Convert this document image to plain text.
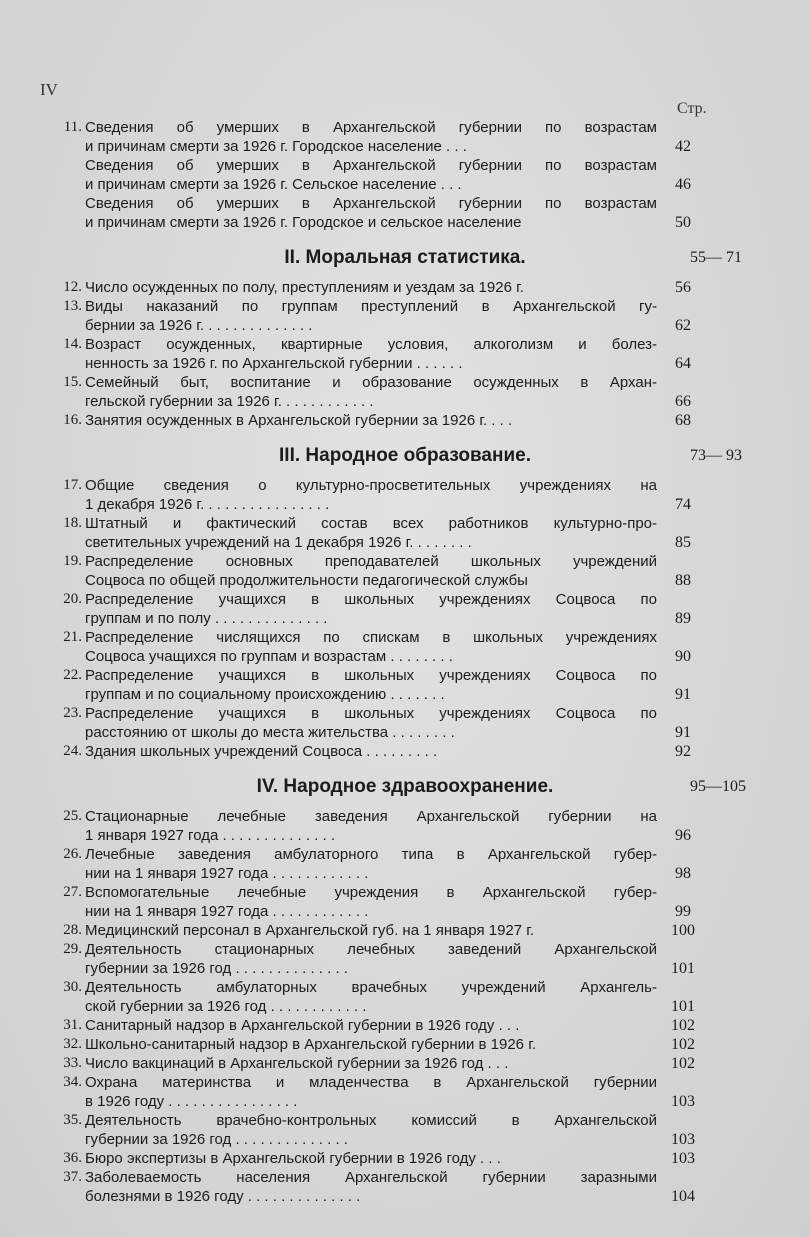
IV
Стр.
11. Сведения об умерших в Архангельской губернии по возрастам
и причинам смерти за 1926 г. Городское население . . .	42
Сведения об умерших в Архангельской губернии по возрастам
и причинам смерти за 1926 г. Сельское население . . .	46
Сведения об умерших в Архангельской губернии по возрастам
и причинам смерти за 1926 г. Городское и сельское население	50
II. Моральная статистика.	55— 71
12. Число осужденных по полу, преступлениям и уездам за 1926 г.	56
13. Виды наказаний по группам преступлений в Архангельской гу-
бернии за 1926 г. . . . . . . . . . . . . .	62
14. Возраст осужденных, квартирные условия, алкоголизм и болез-
ненность за 1926 г. по Архангельской губернии . . . . . .	64
15. Семейный быт, воспитание и образование осужденных в Архан-
гельской губернии за 1926 г. . . . . . . . . . . .	66
16. Занятия осужденных в Архангельской губернии за 1926 г. . . .	68
III. Народное образование.	73— 93
17. Общие сведения о культурно-просветительных учреждениях на
1 декабря 1926 г. . . . . . . . . . . . . . . .	74
18. Штатный и фактический состав всех работников культурно-про-
светительных учреждений на 1 декабря 1926 г. . . . . . . .	85
19. Распределение основных преподавателей школьных учреждений
Соцвоса по общей продолжительности педагогической службы	88
20. Распределение учащихся в школьных учреждениях Соцвоса по
группам и по полу . . . . . . . . . . . . . .	89
21. Распределение числящихся по спискам в школьных учреждениях
Соцвоса учащихся по группам и возрастам . . . . . . . .	90
22. Распределение учащихся в школьных учреждениях Соцвоса по
группам и по социальному происхождению . . . . . . .	91
23. Распределение учащихся в школьных учреждениях Соцвоса по
расстоянию от школы до места жительства . . . . . . . .	91
24. Здания школьных учреждений Соцвоса . . . . . . . . .	92
IV. Народное здравоохранение.	95—105
25. Стационарные лечебные заведения Архангельской губернии на
1 января 1927 года . . . . . . . . . . . . . .	96
26. Лечебные заведения амбулаторного типа в Архангельской губер-
нии на 1 января 1927 года . . . . . . . . . . . .	98
27. Вспомогательные лечебные учреждения в Архангельской губер-
нии на 1 января 1927 года . . . . . . . . . . . .	99
28. Медицинский персонал в Архангельской губ. на 1 января 1927 г.	100
29. Деятельность стационарных лечебных заведений Архангельской
губернии за 1926 год . . . . . . . . . . . . . .	101
30. Деятельность амбулаторных врачебных учреждений Архангель-
ской губернии за 1926 год . . . . . . . . . . . .	101
31. Санитарный надзор в Архангельской губернии в 1926 году . . .	102
32. Школьно-санитарный надзор в Архангельской губернии в 1926 г.	102
33. Число вакцинаций в Архангельской губернии за 1926 год . . .	102
34. Охрана материнства и младенчества в Архангельской губернии
в 1926 году . . . . . . . . . . . . . . . .	103
35. Деятельность врачебно-контрольных комиссий в Архангельской
губернии за 1926 год . . . . . . . . . . . . . .	103
36. Бюро экспертизы в Архангельской губернии в 1926 году . . .	103
37. Заболеваемость населения Архангельской губернии заразными
болезнями в 1926 году . . . . . . . . . . . . . .	104
